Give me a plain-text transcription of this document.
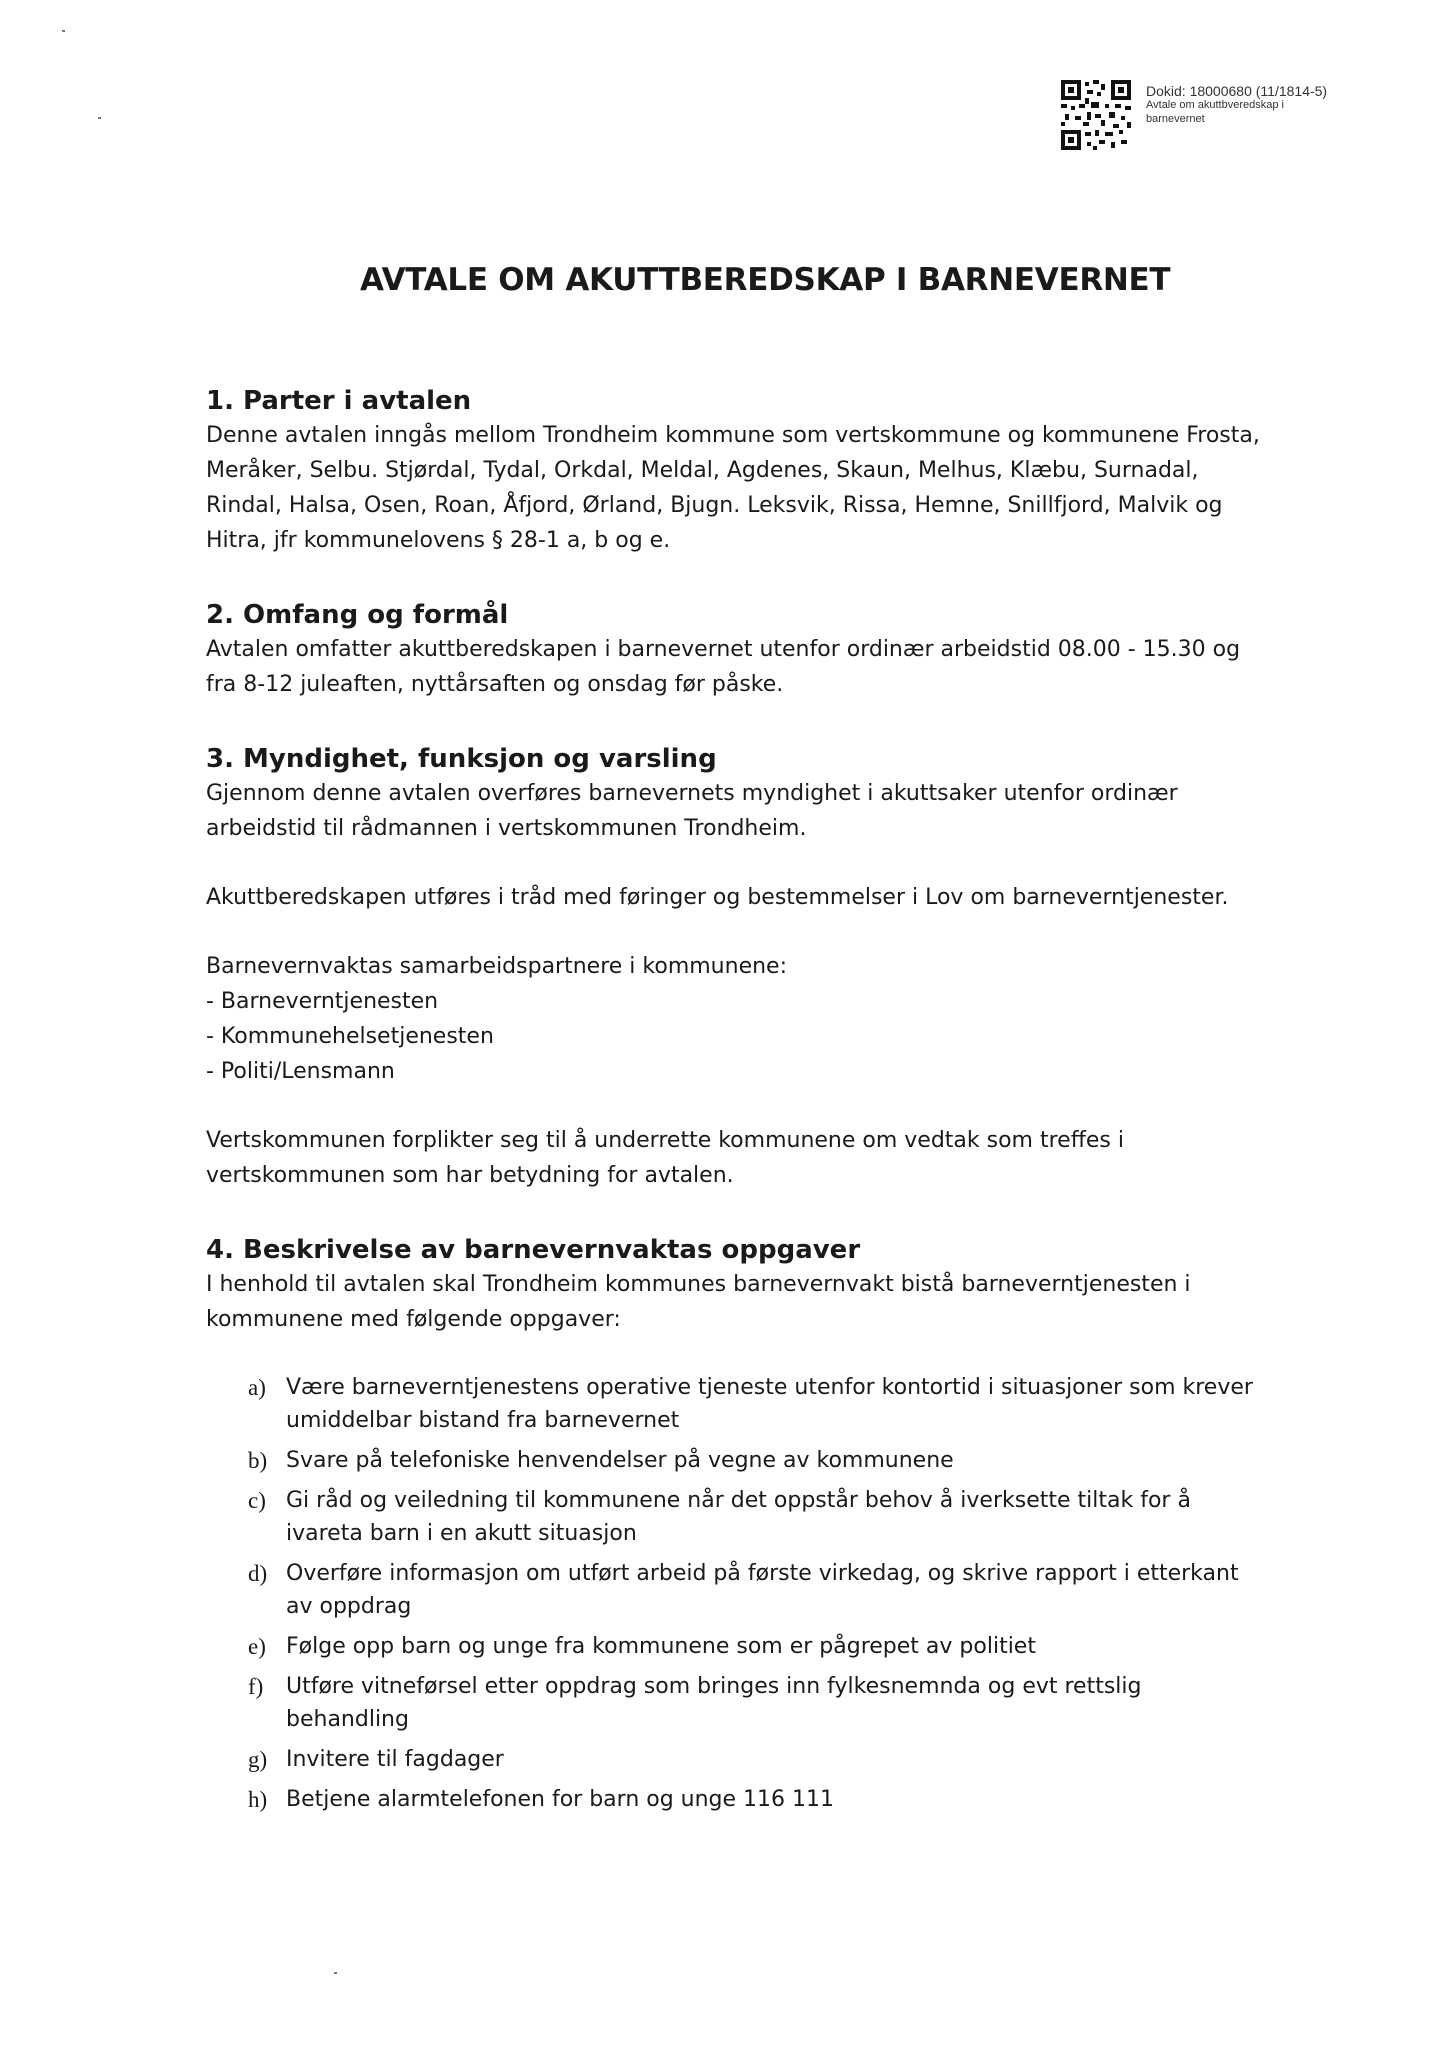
Dokid: 18000680 (11/1814-5)
Avtale om akuttbveredskap i
barnevernet
AVTALE OM AKUTTBEREDSKAP I BARNEVERNET
1. Parter i avtalen

Denne avtalen inngås mellom Trondheim kommune som vertskommune og kommunene Frosta, Meråker, Selbu. Stjørdal, Tydal, Orkdal, Meldal, Agdenes, Skaun, Melhus, Klæbu, Surnadal, Rindal, Halsa, Osen, Roan, Åfjord, Ørland, Bjugn. Leksvik, Rissa, Hemne, Snillfjord, Malvik og Hitra, jfr kommunelovens § 28-1 a, b og e.

2. Omfang og formål

Avtalen omfatter akuttberedskapen i barnevernet utenfor ordinær arbeidstid 08.00 - 15.30 og fra 8-12 juleaften, nyttårsaften og onsdag før påske.

3. Myndighet, funksjon og varsling

Gjennom denne avtalen overføres barnevernets myndighet i akuttsaker utenfor ordinær arbeidstid til rådmannen i vertskommunen Trondheim.

Akuttberedskapen utføres i tråd med føringer og bestemmelser i Lov om barneverntjenester.

Barnevernvaktas samarbeidspartnere i kommunene:

- Barneverntjenesten
- Kommunehelsetjenesten
- Politi/Lensmann

Vertskommunen forplikter seg til å underrette kommunene om vedtak som treffes i vertskommunen som har betydning for avtalen.

4. Beskrivelse av barnevernvaktas oppgaver

I henhold til avtalen skal Trondheim kommunes barnevernvakt bistå barneverntjenesten i kommunene med følgende oppgaver:

a) Være barneverntjenestens operative tjeneste utenfor kontortid i situasjoner som krever umiddelbar bistand fra barnevernet
b) Svare på telefoniske henvendelser på vegne av kommunene
c) Gi råd og veiledning til kommunene når det oppstår behov å iverksette tiltak for å ivareta barn i en akutt situasjon
d) Overføre informasjon om utført arbeid på første virkedag, og skrive rapport i etterkant av oppdrag
e) Følge opp barn og unge fra kommunene som er pågrepet av politiet
f) Utføre vitneførsel etter oppdrag som bringes inn fylkesnemnda og evt rettslig behandling
g) Invitere til fagdager
h) Betjene alarmtelefonen for barn og unge 116 111
